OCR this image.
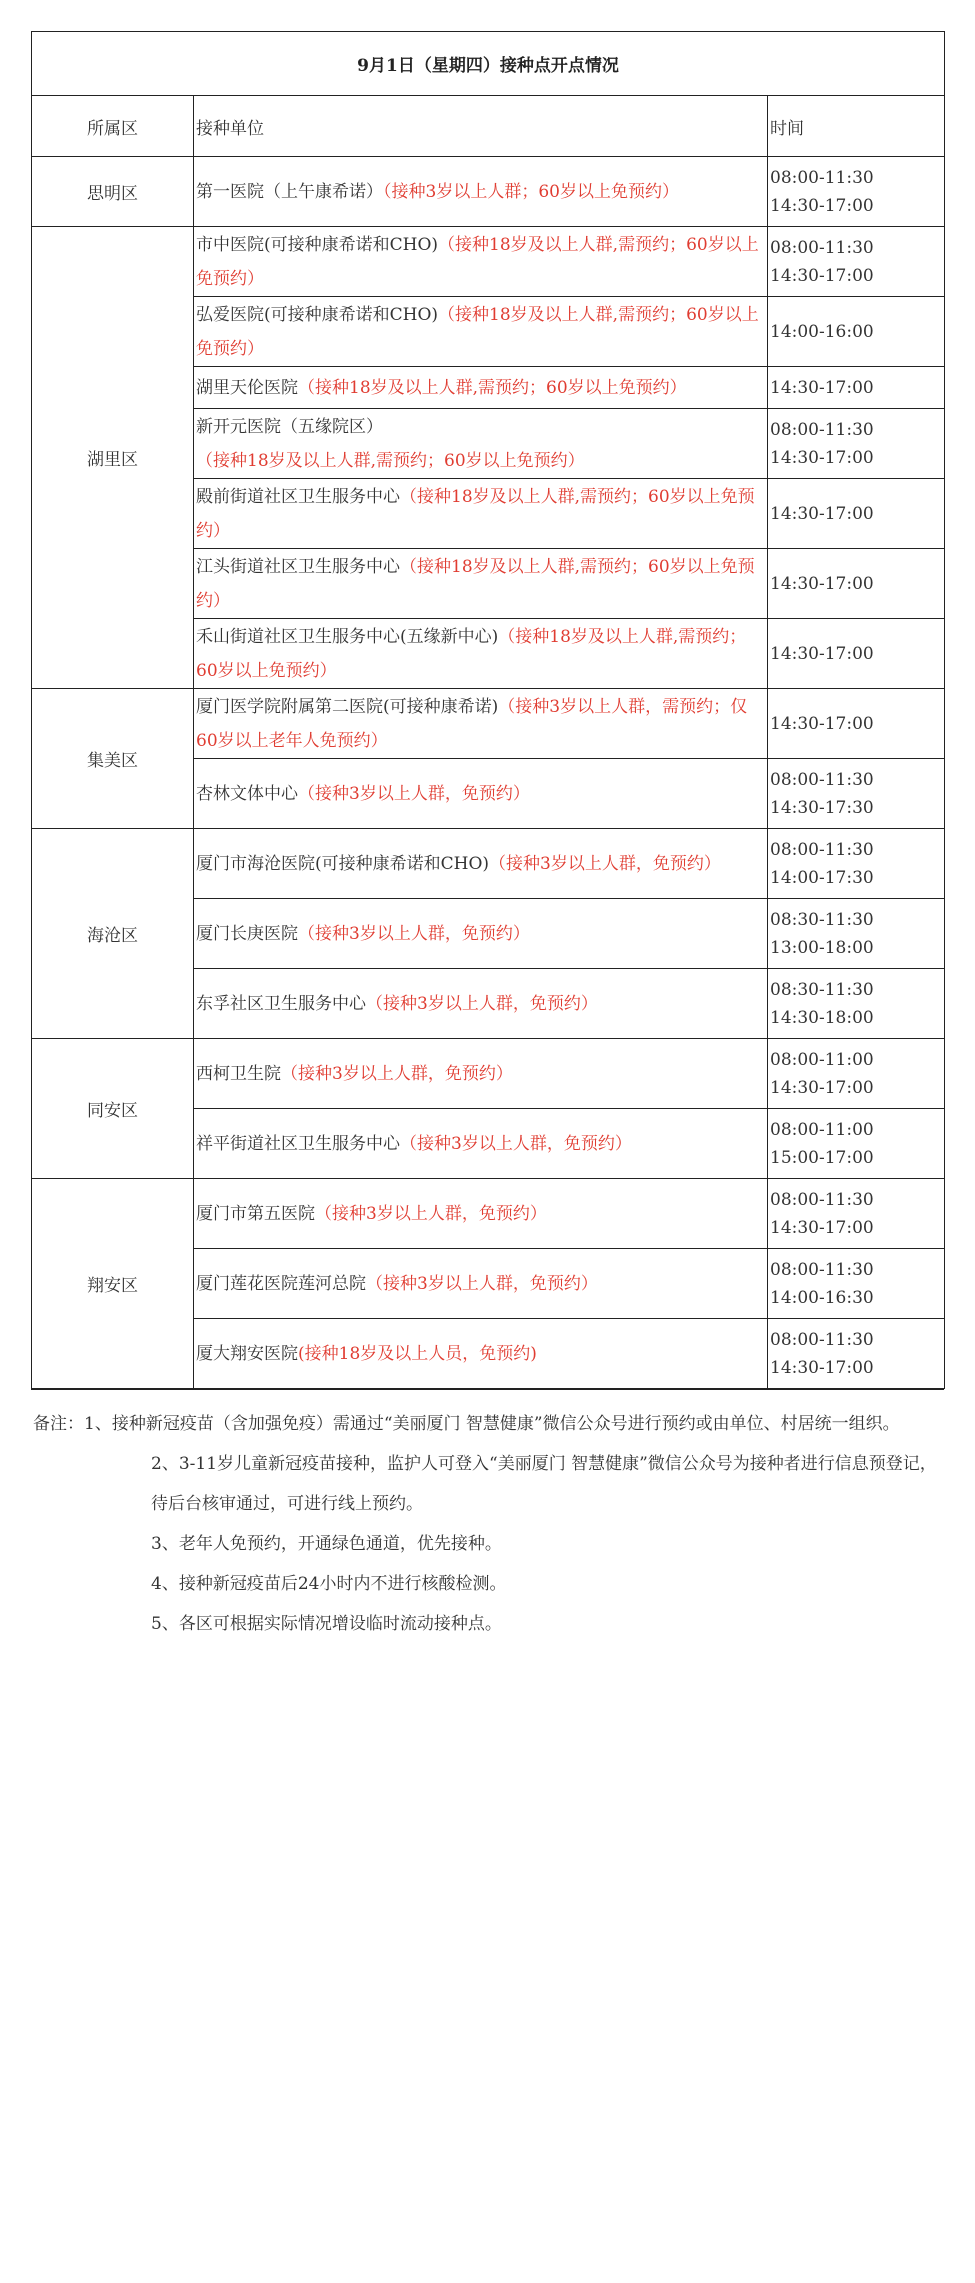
9月1日（星期四）接种点开点情况		
所属区	接种单位	时间
思明区	第一医院（上午康希诺）（接种3岁以上人群；60岁以上免预约）	08:00-11:30
14:30-17:00

湖里区	市中医院(可接种康希诺和CHO)（接种18岁及以上人群,需预约；60岁以上免预约）	08:00-11:30
14:30-17:00

	弘爱医院(可接种康希诺和CHO)（接种18岁及以上人群,需预约；60岁以上免预约）	14:00-16:00

	湖里天伦医院（接种18岁及以上人群,需预约；60岁以上免预约）	14:30-17:00

	新开元医院（五缘院区）（接种18岁及以上人群,需预约；60岁以上免预约）	08:00-11:30
14:30-17:00

	殿前街道社区卫生服务中心（接种18岁及以上人群,需预约；60岁以上免预约）	14:30-17:00

	江头街道社区卫生服务中心（接种18岁及以上人群,需预约；60岁以上免预约）	14:30-17:00

	禾山街道社区卫生服务中心(五缘新中心)（接种18岁及以上人群,需预约；60岁以上免预约）	14:30-17:00

集美区	厦门医学院附属第二医院(可接种康希诺)（接种3岁以上人群，需预约；仅60岁以上老年人免预约）	14:30-17:00

	杏林文体中心（接种3岁以上人群，免预约）	08:00-11:30
14:30-17:30

海沧区	厦门市海沧医院(可接种康希诺和CHO)（接种3岁以上人群，免预约）	08:00-11:30
14:00-17:30

	厦门长庚医院（接种3岁以上人群，免预约）	08:30-11:30
13:00-18:00

	东孚社区卫生服务中心（接种3岁以上人群，免预约）	08:30-11:30
14:30-18:00

同安区	西柯卫生院（接种3岁以上人群，免预约）	08:00-11:00
14:30-17:00

	祥平街道社区卫生服务中心（接种3岁以上人群，免预约）	08:00-11:00
15:00-17:00

翔安区	厦门市第五医院（接种3岁以上人群，免预约）	08:00-11:30
14:30-17:00

	厦门莲花医院莲河总院（接种3岁以上人群，免预约）	08:00-11:30
14:00-16:30

	厦大翔安医院(接种18岁及以上人员，免预约)	08:00-11:30
14:30-17:00

备注：1、接种新冠疫苗（含加强免疫）需通过“美丽厦门 智慧健康”微信公众号进行预约或由单位、村居统一组织。

2、3-11岁儿童新冠疫苗接种，监护人可登入“美丽厦门 智慧健康”微信公众号为接种者进行信息预登记，待后台核审通过，可进行线上预约。

3、老年人免预约，开通绿色通道，优先接种。

4、接种新冠疫苗后24小时内不进行核酸检测。

5、各区可根据实际情况增设临时流动接种点。
